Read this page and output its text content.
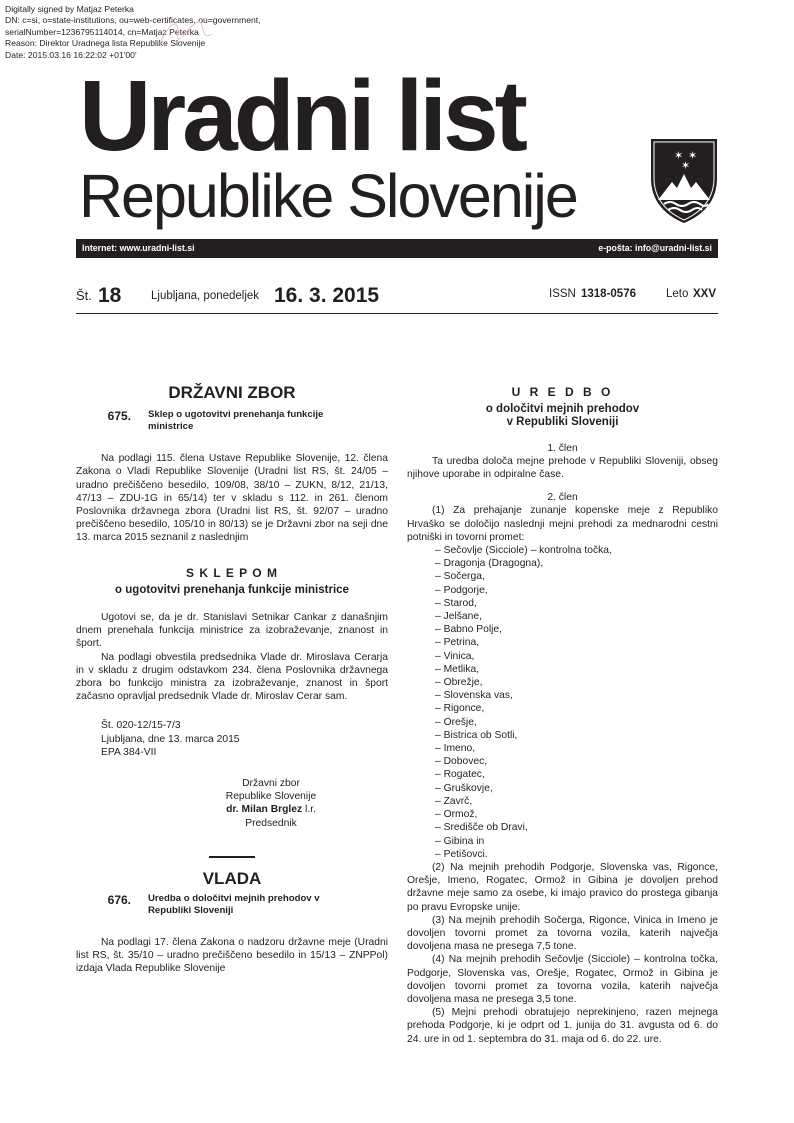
Digitally signed by Matjaz Peterka
DN: c=si, o=state-institutions, ou=web-certificates, ou=government,
serialNumber=1236795114014, cn=Matjaz Peterka
Reason: Direktor Uradnega lista Republike Slovenije
Date: 2015.03.16 16:22:02 +01'00'
Uradni list
Republike Slovenije
✶ ✶
✶
Internet: www.uradni-list.si	e-pošta: info@uradni-list.si
Št. 18	Ljubljana, ponedeljek 16. 3. 2015	ISSN 1318-0576	Leto XXV
DRŽAVNI ZBOR
675.	Sklep o ugotovitvi prenehanja funkcije ministrice

Na podlagi 115. člena Ustave Republike Slovenije, 12. člena Zakona o Vladi Republike Slovenije (Uradni list RS, št. 24/05 – uradno prečiščeno besedilo, 109/08, 38/10 – ZUKN, 8/12, 21/13, 47/13 – ZDU-1G in 65/14) ter v skladu s 112. in 261. členom Poslovnika državnega zbora (Uradni list RS, št. 92/07 – uradno prečiščeno besedilo, 105/10 in 80/13) se je Državni zbor na seji dne 13. marca 2015 seznanil z naslednjim

S K L E P O M
o ugotovitvi prenehanja funkcije ministrice

Ugotovi se, da je dr. Stanislavi Setnikar Cankar z današnjim dnem prenehala funkcija ministrice za izobraževanje, znanost in šport.

Na podlagi obvestila predsednika Vlade dr. Miroslava Cerarja in v skladu z drugim odstavkom 234. člena Poslovnika državnega zbora bo funkcijo ministra za izobraževanje, znanost in šport začasno opravljal predsednik Vlade dr. Miroslav Cerar sam.

Št. 020-12/15-7/3
Ljubljana, dne 13. marca 2015
EPA 384-VII
Državni zbor
Republike Slovenije
dr. Milan Brglez l.r.
Predsednik
VLADA
676.	Uredba o določitvi mejnih prehodov v Republiki Sloveniji

Na podlagi 17. člena Zakona o nadzoru državne meje (Uradni list RS, št. 35/10 – uradno prečiščeno besedilo in 15/13 – ZNPPol) izdaja Vlada Republike Slovenije

U R E D B O
o določitvi mejnih prehodov
v Republiki Sloveniji

1. člen

Ta uredba določa mejne prehode v Republiki Sloveniji, obseg njihove uporabe in odpiralne čase.

2. člen

(1) Za prehajanje zunanje kopenske meje z Republiko Hrvaško se določijo naslednji mejni prehodi za mednarodni cestni potniški in tovorni promet:

– Sečovlje (Sicciole) – kontrolna točka,

– Dragonja (Dragogna),

– Sočerga,

– Podgorje,

– Starod,

– Jelšane,

– Babno Polje,

– Petrina,

– Vinica,

– Metlika,

– Obrežje,

– Slovenska vas,

– Rigonce,

– Orešje,

– Bistrica ob Sotli,

– Imeno,

– Dobovec,

– Rogatec,

– Gruškovje,

– Zavrč,

– Ormož,

– Središče ob Dravi,

– Gibina in

– Petišovci.

(2) Na mejnih prehodih Podgorje, Slovenska vas, Rigonce, Orešje, Imeno, Rogatec, Ormož in Gibina je dovoljen prehod državne meje samo za osebe, ki imajo pravico do prostega gibanja po pravu Evropske unije.

(3) Na mejnih prehodih Sočerga, Rigonce, Vinica in Imeno je dovoljen tovorni promet za tovorna vozila, katerih največja dovoljena masa ne presega 7,5 tone.

(4) Na mejnih prehodih Sečovlje (Sicciole) – kontrolna točka, Podgorje, Slovenska vas, Orešje, Rogatec, Ormož in Gibina je dovoljen tovorni promet za tovorna vozila, katerih največja dovoljena masa ne presega 3,5 tone.

(5) Mejni prehodi obratujejo neprekinjeno, razen mejnega prehoda Podgorje, ki je odprt od 1. junija do 31. avgusta od 6. do 24. ure in od 1. septembra do 31. maja od 6. do 22. ure.
